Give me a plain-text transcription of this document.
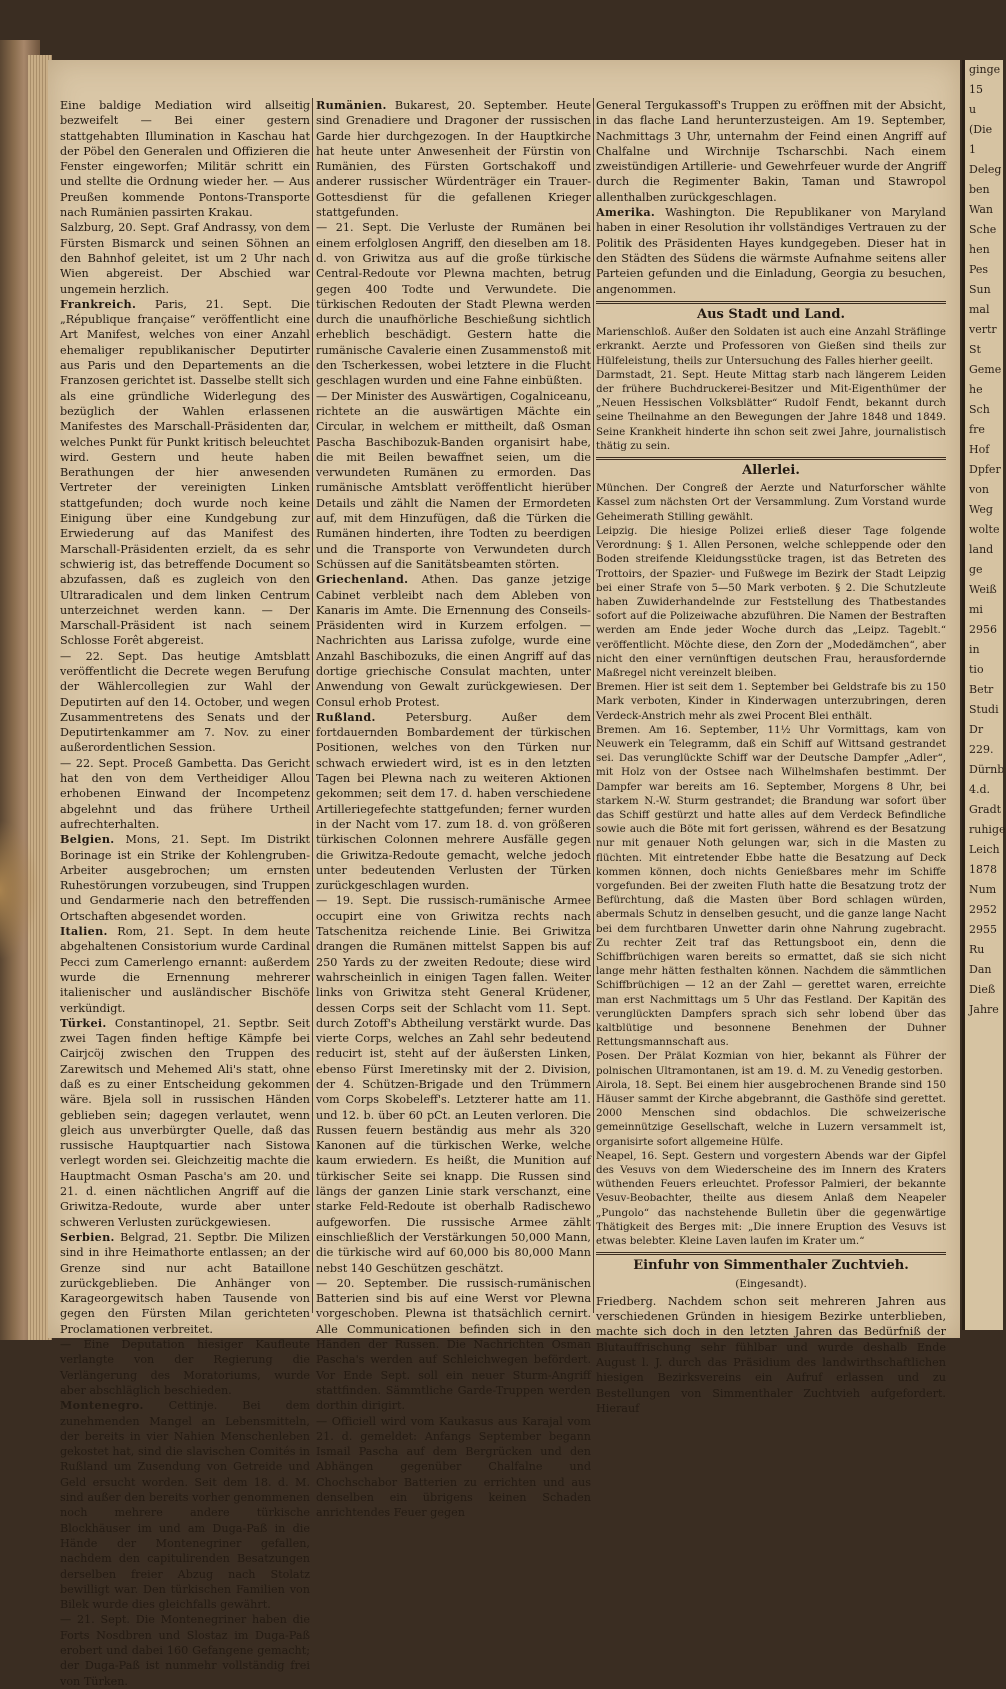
Eine baldige Mediation wird allseitig bezweifelt — Bei einer gestern stattgehabten Illumination in Kaschau hat der Pöbel den Generalen und Offizieren die Fenster eingeworfen; Militär schritt ein und stellte die Ordnung wieder her. — Aus Preußen kommende Pontons-Transporte nach Rumänien passirten Krakau.

Salzburg, 20. Sept. Graf Andrassy, von dem Fürsten Bismarck und seinen Söhnen an den Bahnhof geleitet, ist um 2 Uhr nach Wien abgereist. Der Abschied war ungemein herzlich.

Frankreich. Paris, 21. Sept. Die „République française“ veröffentlicht eine Art Manifest, welches von einer Anzahl ehemaliger republikanischer Deputirter aus Paris und den Departements an die Franzosen gerichtet ist. Dasselbe stellt sich als eine gründliche Widerlegung des bezüglich der Wahlen erlassenen Manifestes des Marschall-Präsidenten dar, welches Punkt für Punkt kritisch beleuchtet wird. Gestern und heute haben Berathungen der hier anwesenden Vertreter der vereinigten Linken stattgefunden; doch wurde noch keine Einigung über eine Kundgebung zur Erwiederung auf das Manifest des Marschall-Präsidenten erzielt, da es sehr schwierig ist, das betreffende Document so abzufassen, daß es zugleich von den Ultraradicalen und dem linken Centrum unterzeichnet werden kann. — Der Marschall-Präsident ist nach seinem Schlosse Forêt abgereist.

— 22. Sept. Das heutige Amtsblatt veröffentlicht die Decrete wegen Berufung der Wählercollegien zur Wahl der Deputirten auf den 14. October, und wegen Zusammentretens des Senats und der Deputirtenkammer am 7. Nov. zu einer außerordentlichen Session.

— 22. Sept. Proceß Gambetta. Das Gericht hat den von dem Vertheidiger Allou erhobenen Einwand der Incompetenz abgelehnt und das frühere Urtheil aufrechterhalten.

Belgien. Mons, 21. Sept. Im Distrikt Borinage ist ein Strike der Kohlengruben-Arbeiter ausgebrochen; um ernsten Ruhestörungen vorzubeugen, sind Truppen und Gendarmerie nach den betreffenden Ortschaften abgesendet worden.

Italien. Rom, 21. Sept. In dem heute abgehaltenen Consistorium wurde Cardinal Pecci zum Camerlengo ernannt: außerdem wurde die Ernennung mehrerer italienischer und ausländischer Bischöfe verkündigt.

Türkei. Constantinopel, 21. Septbr. Seit zwei Tagen finden heftige Kämpfe bei Cairjcöj zwischen den Truppen des Zarewitsch und Mehemed Ali's statt, ohne daß es zu einer Entscheidung gekommen wäre. Bjela soll in russischen Händen geblieben sein; dagegen verlautet, wenn gleich aus unverbürgter Quelle, daß das russische Hauptquartier nach Sistowa verlegt worden sei. Gleichzeitig machte die Hauptmacht Osman Pascha's am 20. und 21. d. einen nächtlichen Angriff auf die Griwitza-Redoute, wurde aber unter schweren Verlusten zurückgewiesen.

Serbien. Belgrad, 21. Septbr. Die Milizen sind in ihre Heimathorte entlassen; an der Grenze sind nur acht Bataillone zurückgeblieben. Die Anhänger von Karageorgewitsch haben Tausende von gegen den Fürsten Milan gerichteten Proclamationen verbreitet.

— Eine Deputation hiesiger Kaufleute verlangte von der Regierung die Verlängerung des Moratoriums, wurde aber abschläglich beschieden.

Montenegro. Cettinje. Bei dem zunehmenden Mangel an Lebensmitteln, der bereits in vier Nahien Menschenleben gekostet hat, sind die slavischen Comités in Rußland um Zusendung von Getreide und Geld ersucht worden. Seit dem 18. d. M. sind außer den bereits vorher genommenen noch mehrere andere türkische Blockhäuser im und am Duga-Paß in die Hände der Montenegriner gefallen, nachdem den capitulirenden Besatzungen derselben freier Abzug nach Stolatz bewilligt war. Den türkischen Familien von Bilek wurde dies gleichfalls gewährt.

— 21. Sept. Die Montenegriner haben die Forts Nosdbren und Slostaz im Duga-Paß erobert und dabei 160 Gefangene gemacht; der Duga-Paß ist nunmehr vollständig frei von Türken.

Rumänien. Bukarest, 20. September. Heute sind Grenadiere und Dragoner der russischen Garde hier durchgezogen. In der Hauptkirche hat heute unter Anwesenheit der Fürstin von Rumänien, des Fürsten Gortschakoff und anderer russischer Würdenträger ein Trauer-Gottesdienst für die gefallenen Krieger stattgefunden.

— 21. Sept. Die Verluste der Rumänen bei einem erfolglosen Angriff, den dieselben am 18. d. von Griwitza aus auf die große türkische Central-Redoute vor Plewna machten, betrug gegen 400 Todte und Verwundete. Die türkischen Redouten der Stadt Plewna werden durch die unaufhörliche Beschießung sichtlich erheblich beschädigt. Gestern hatte die rumänische Cavalerie einen Zusammenstoß mit den Tscherkessen, wobei letztere in die Flucht geschlagen wurden und eine Fahne einbüßten.

— Der Minister des Auswärtigen, Cogalniceanu, richtete an die auswärtigen Mächte ein Circular, in welchem er mittheilt, daß Osman Pascha Baschibozuk-Banden organisirt habe, die mit Beilen bewaffnet seien, um die verwundeten Rumänen zu ermorden. Das rumänische Amtsblatt veröffentlicht hierüber Details und zählt die Namen der Ermordeten auf, mit dem Hinzufügen, daß die Türken die Rumänen hinderten, ihre Todten zu beerdigen und die Transporte von Verwundeten durch Schüssen auf die Sanitätsbeamten störten.

Griechenland. Athen. Das ganze jetzige Cabinet verbleibt nach dem Ableben von Kanaris im Amte. Die Ernennung des Conseils-Präsidenten wird in Kurzem erfolgen. — Nachrichten aus Larissa zufolge, wurde eine Anzahl Baschibozuks, die einen Angriff auf das dortige griechische Consulat machten, unter Anwendung von Gewalt zurückgewiesen. Der Consul erhob Protest.

Rußland. Petersburg. Außer dem fortdauernden Bombardement der türkischen Positionen, welches von den Türken nur schwach erwiedert wird, ist es in den letzten Tagen bei Plewna nach zu weiteren Aktionen gekommen; seit dem 17. d. haben verschiedene Artilleriegefechte stattgefunden; ferner wurden in der Nacht vom 17. zum 18. d. von größeren türkischen Colonnen mehrere Ausfälle gegen die Griwitza-Redoute gemacht, welche jedoch unter bedeutenden Verlusten der Türken zurückgeschlagen wurden.

— 19. Sept. Die russisch-rumänische Armee occupirt eine von Griwitza rechts nach Tatschenitza reichende Linie. Bei Griwitza drangen die Rumänen mittelst Sappen bis auf 250 Yards zu der zweiten Redoute; diese wird wahrscheinlich in einigen Tagen fallen. Weiter links von Griwitza steht General Krüdener, dessen Corps seit der Schlacht vom 11. Sept. durch Zotoff's Abtheilung verstärkt wurde. Das vierte Corps, welches an Zahl sehr bedeutend reducirt ist, steht auf der äußersten Linken, ebenso Fürst Imeretinsky mit der 2. Division, der 4. Schützen-Brigade und den Trümmern vom Corps Skobeleff's. Letzterer hatte am 11. und 12. b. über 60 pCt. an Leuten verloren. Die Russen feuern beständig aus mehr als 320 Kanonen auf die türkischen Werke, welche kaum erwiedern. Es heißt, die Munition auf türkischer Seite sei knapp. Die Russen sind längs der ganzen Linie stark verschanzt, eine starke Feld-Redoute ist oberhalb Radischewo aufgeworfen. Die russische Armee zählt einschließlich der Verstärkungen 50,000 Mann, die türkische wird auf 60,000 bis 80,000 Mann nebst 140 Geschützen geschätzt.

— 20. September. Die russisch-rumänischen Batterien sind bis auf eine Werst vor Plewna vorgeschoben. Plewna ist thatsächlich cernirt. Alle Communicationen befinden sich in den Händen der Russen. Die Nachrichten Osman Pascha's werden auf Schleichwegen befördert. Vor Ende Sept. soll ein neuer Sturm-Angriff stattfinden. Sämmtliche Garde-Truppen werden dorthin dirigirt.

— Officiell wird vom Kaukasus aus Karajal vom 21. d. gemeldet: Anfangs September begann Ismail Pascha auf dem Bergrücken und den Abhängen gegenüber Chalfalne und Chochschabor Batterien zu errichten und aus denselben ein übrigens keinen Schaden anrichtendes Feuer gegen

General Tergukassoff's Truppen zu eröffnen mit der Absicht, in das flache Land herunterzusteigen. Am 19. September, Nachmittags 3 Uhr, unternahm der Feind einen Angriff auf Chalfalne und Wirchnije Tscharschbi. Nach einem zweistündigen Artillerie- und Gewehrfeuer wurde der Angriff durch die Regimenter Bakin, Taman und Stawropol allenthalben zurückgeschlagen.

Amerika. Washington. Die Republikaner von Maryland haben in einer Resolution ihr vollständiges Vertrauen zu der Politik des Präsidenten Hayes kundgegeben. Dieser hat in den Städten des Südens die wärmste Aufnahme seitens aller Parteien gefunden und die Einladung, Georgia zu besuchen, angenommen.

Aus Stadt und Land.

Marienschloß. Außer den Soldaten ist auch eine Anzahl Sträflinge erkrankt. Aerzte und Professoren von Gießen sind theils zur Hülfeleistung, theils zur Untersuchung des Falles hierher geeilt.

Darmstadt, 21. Sept. Heute Mittag starb nach längerem Leiden der frühere Buchdruckerei-Besitzer und Mit-Eigenthümer der „Neuen Hessischen Volksblätter“ Rudolf Fendt, bekannt durch seine Theilnahme an den Bewegungen der Jahre 1848 und 1849. Seine Krankheit hinderte ihn schon seit zwei Jahre, journalistisch thätig zu sein.

Allerlei.

München. Der Congreß der Aerzte und Naturforscher wählte Kassel zum nächsten Ort der Versammlung. Zum Vorstand wurde Geheimerath Stilling gewählt.

Leipzig. Die hiesige Polizei erließ dieser Tage folgende Verordnung: § 1. Allen Personen, welche schleppende oder den Boden streifende Kleidungsstücke tragen, ist das Betreten des Trottoirs, der Spazier- und Fußwege im Bezirk der Stadt Leipzig bei einer Strafe von 5—50 Mark verboten. § 2. Die Schutzleute haben Zuwiderhandelnde zur Feststellung des Thatbestandes sofort auf die Polizeiwache abzuführen. Die Namen der Bestraften werden am Ende jeder Woche durch das „Leipz. Tageblt.“ veröffentlicht. Möchte diese, den Zorn der „Modedämchen“, aber nicht den einer vernünftigen deutschen Frau, herausfordernde Maßregel nicht vereinzelt bleiben.

Bremen. Hier ist seit dem 1. September bei Geldstrafe bis zu 150 Mark verboten, Kinder in Kinderwagen unterzubringen, deren Verdeck-Anstrich mehr als zwei Procent Blei enthält.

Bremen. Am 16. September, 11½ Uhr Vormittags, kam von Neuwerk ein Telegramm, daß ein Schiff auf Wittsand gestrandet sei. Das verunglückte Schiff war der Deutsche Dampfer „Adler“, mit Holz von der Ostsee nach Wilhelmshafen bestimmt. Der Dampfer war bereits am 16. September, Morgens 8 Uhr, bei starkem N.-W. Sturm gestrandet; die Brandung war sofort über das Schiff gestürzt und hatte alles auf dem Verdeck Befindliche sowie auch die Böte mit fort gerissen, während es der Besatzung nur mit genauer Noth gelungen war, sich in die Masten zu flüchten. Mit eintretender Ebbe hatte die Besatzung auf Deck kommen können, doch nichts Genießbares mehr im Schiffe vorgefunden. Bei der zweiten Fluth hatte die Besatzung trotz der Befürchtung, daß die Masten über Bord schlagen würden, abermals Schutz in denselben gesucht, und die ganze lange Nacht bei dem furchtbaren Unwetter darin ohne Nahrung zugebracht. Zu rechter Zeit traf das Rettungsboot ein, denn die Schiffbrüchigen waren bereits so ermattet, daß sie sich nicht lange mehr hätten festhalten können. Nachdem die sämmtlichen Schiffbrüchigen — 12 an der Zahl — gerettet waren, erreichte man erst Nachmittags um 5 Uhr das Festland. Der Kapitän des verunglückten Dampfers sprach sich sehr lobend über das kaltblütige und besonnene Benehmen der Duhner Rettungsmannschaft aus.

Posen. Der Prälat Kozmian von hier, bekannt als Führer der polnischen Ultramontanen, ist am 19. d. M. zu Venedig gestorben.

Airola, 18. Sept. Bei einem hier ausgebrochenen Brande sind 150 Häuser sammt der Kirche abgebrannt, die Gasthöfe sind gerettet. 2000 Menschen sind obdachlos. Die schweizerische gemeinnützige Gesellschaft, welche in Luzern versammelt ist, organisirte sofort allgemeine Hülfe.

Neapel, 16. Sept. Gestern und vorgestern Abends war der Gipfel des Vesuvs von dem Wiederscheine des im Innern des Kraters wüthenden Feuers erleuchtet. Professor Palmieri, der bekannte Vesuv-Beobachter, theilte aus diesem Anlaß dem Neapeler „Pungolo“ das nachstehende Bulletin über die gegenwärtige Thätigkeit des Berges mit: „Die innere Eruption des Vesuvs ist etwas belebter. Kleine Laven laufen im Krater um.“

Einfuhr von Simmenthaler Zuchtvieh.
(Eingesandt).

Friedberg. Nachdem schon seit mehreren Jahren aus verschiedenen Gründen in hiesigem Bezirke unterblieben, machte sich doch in den letzten Jahren das Bedürfniß der Blutauffrischung sehr fühlbar und wurde deshalb Ende August l. J. durch das Präsidium des landwirthschaftlichen hiesigen Bezirksvereins ein Aufruf erlassen und zu Bestellungen von Simmenthaler Zuchtvieh aufgefordert. Hierauf

ginge
15
u
(Die
1
Deleg
ben
Wan
Sche
hen
Pes
Sun
mal
vertr
St
Geme
he
Sch
fre
Hof
Dpfer
von
Weg
wolte
land
ge
Weiß
mi
2956
in
tio
Betr
Studi
Dr
229.
Dürnb
4.d.
Gradt
ruhige
Leich
1878
Num
2952
2955
Ru
Dan
Dieß
Jahre
